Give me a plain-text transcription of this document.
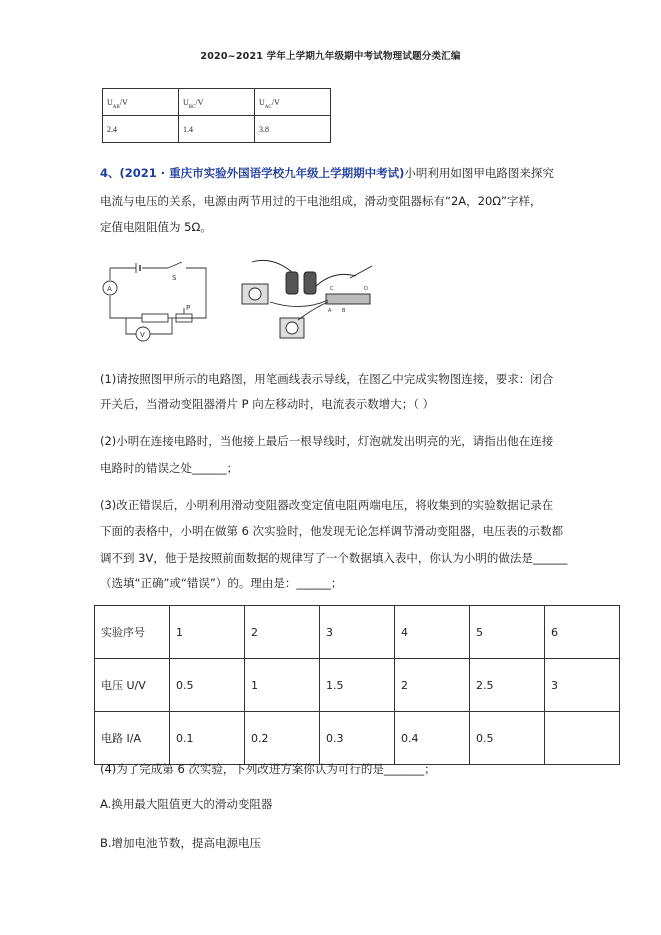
2020~2021 学年上学期九年级期中考试物理试题分类汇编
$U_{AB}/V$	$U_{BC}/V$	$U_{AC}/V$
2.4	1.4	3.8
4、(2021 · 重庆市实验外国语学校九年级上学期期中考试)小明利用如图甲电路图来探究
电流与电压的关系，电源由两节用过的干电池组成，滑动变阻器标有“2A，20Ω”字样，
定值电阻阻值为 5Ω。
A
V
S
P	A B
C	D
(1)请按照图甲所示的电路图，用笔画线表示导线，在图乙中完成实物图连接，要求：闭合
开关后，当滑动变阻器滑片 P 向左移动时，电流表示数增大；（ ）
(2)小明在连接电路时，当他接上最后一根导线时，灯泡就发出明亮的光，请指出他在连接
电路时的错误之处______；
(3)改正错误后，小明利用滑动变阻器改变定值电阻两端电压，将收集到的实验数据记录在
下面的表格中，小明在做第 6 次实验时，他发现无论怎样调节滑动变阻器，电压表的示数都
调不到 3V，他于是按照前面数据的规律写了一个数据填入表中，你认为小明的做法是______
（选填“正确”或“错误”）的。理由是：______；
实验序号	1	2	3	4	5	6
电压 U/V	0.5	1	1.5	2	2.5	3
电路 I/A	0.1	0.2	0.3	0.4	0.5	
(4)为了完成第 6 次实验，下列改进方案你认为可行的是_______；
A.换用最大阻值更大的滑动变阻器
B.增加电池节数，提高电源电压
